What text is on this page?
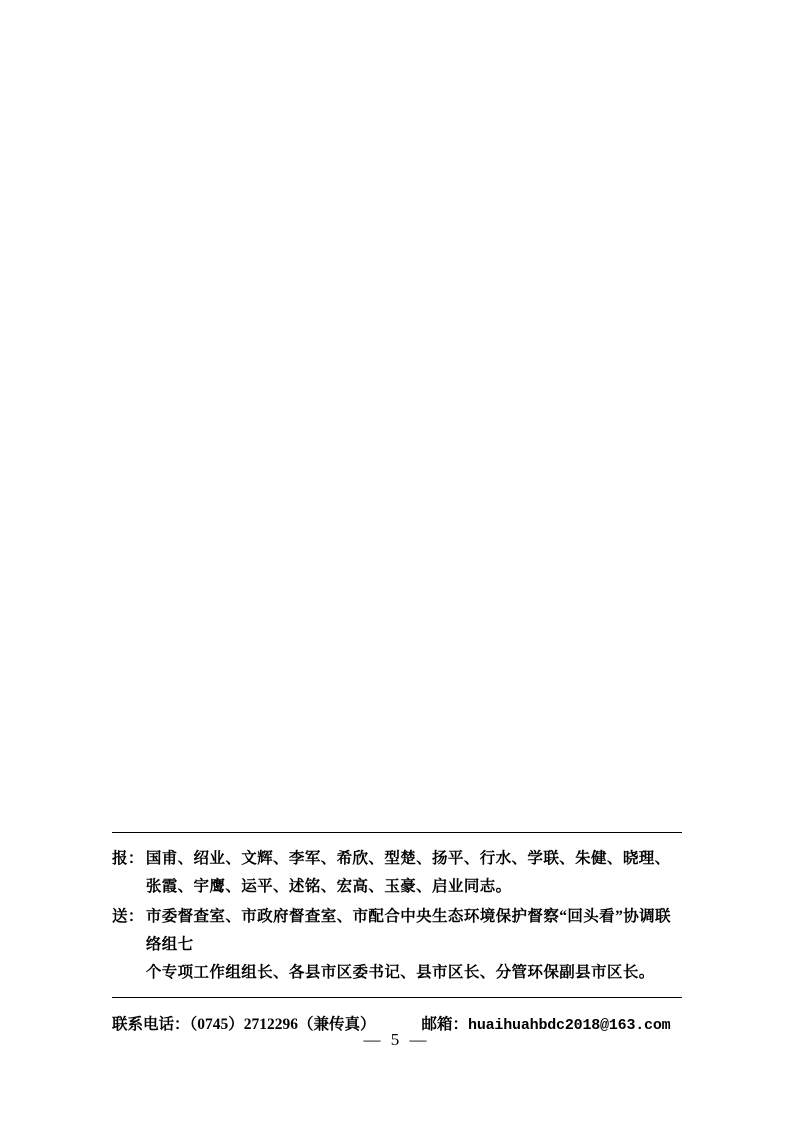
报： 国甫、绍业、文辉、李军、希欣、型楚、扬平、行水、学联、朱健、晓理、
张霞、宇鹰、运平、述铭、宏高、玉豪、启业同志。
送： 市委督查室、市政府督查室、市配合中央生态环境保护督察“回头看”协调联络组七
个专项工作组组长、各县市区委书记、县市区长、分管环保副县市区长。
联系电话：（0745）2712296（兼传真）	邮箱： huaihuahbdc2018@163.com
— 5 —
